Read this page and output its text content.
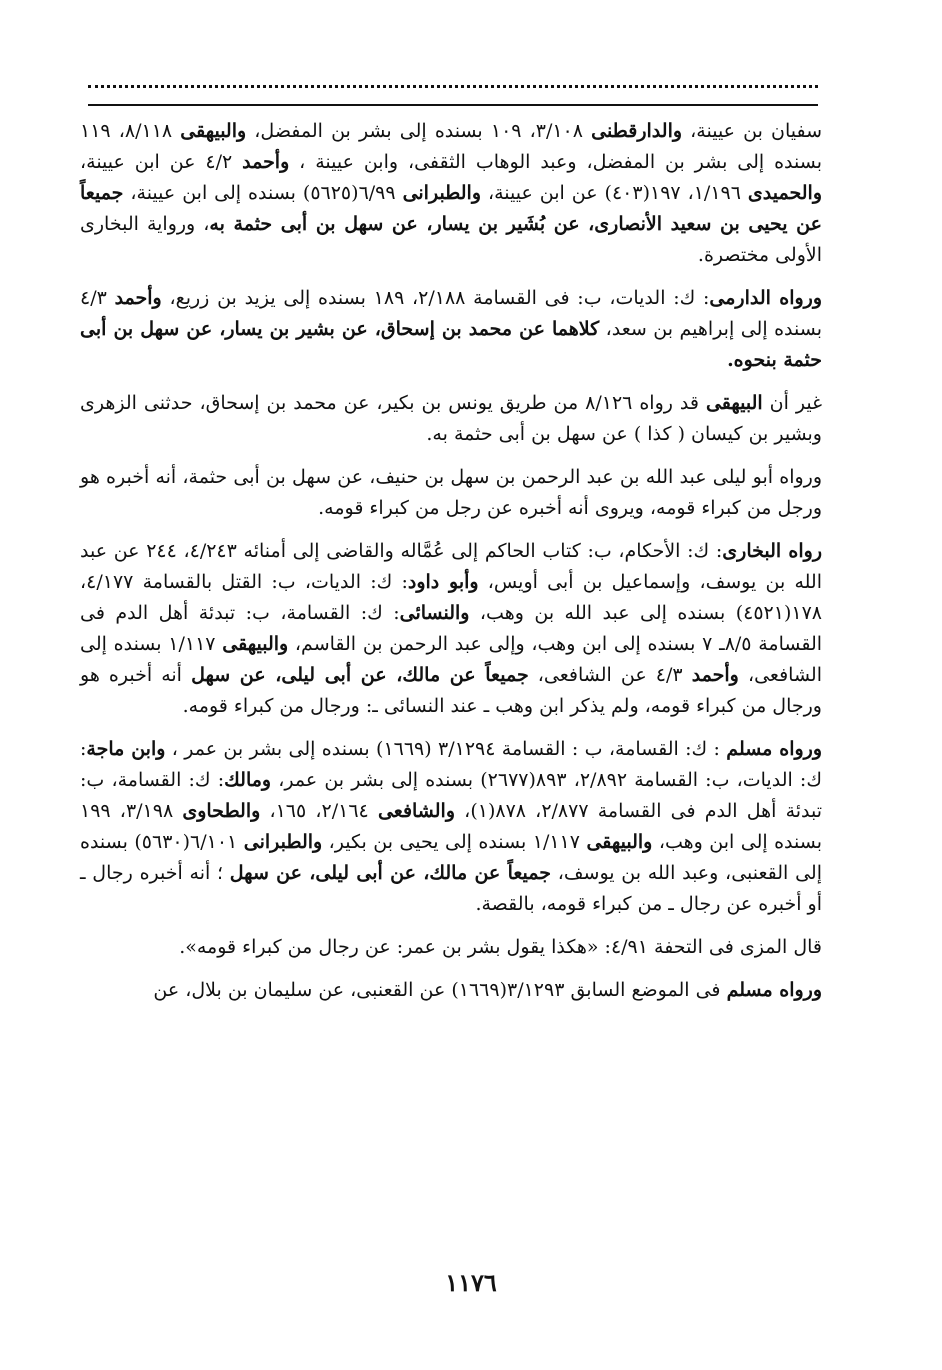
سفيان بن عيينة، والدارقطنى ٣/١٠٨، ١٠٩ بسنده إلى بشر بن المفضل، والبيهقى ٨/١١٨، ١١٩ بسنده إلى بشر بن المفضل، وعبد الوهاب الثقفى، وابن عيينة ، وأحمد ٤/٢ عن ابن عيينة، والحميدى ١/١٩٦، ١٩٧(٤٠٣) عن ابن عيينة، والطبرانى ٦/٩٩(٥٦٢٥) بسنده إلى ابن عيينة، جميعاً عن يحيى بن سعيد الأنصارى، عن بُشَير بن يسار، عن سهل بن أبى حثمة به، ورواية البخارى الأولى مختصرة.

ورواه الدارمى: ك: الديات، ب: فى القسامة ٢/١٨٨، ١٨٩ بسنده إلى يزيد بن زريع، وأحمد ٤/٣ بسنده إلى إبراهيم بن سعد، كلاهما عن محمد بن إسحاق، عن بشير بن يسار، عن سهل بن أبى حثمة بنحوه.

غير أن البيهقى قد رواه ٨/١٢٦ من طريق يونس بن بكير، عن محمد بن إسحاق، حدثنى الزهرى وبشير بن كيسان ( كذا ) عن سهل بن أبى حثمة به.

ورواه أبو ليلى عبد الله بن عبد الرحمن بن سهل بن حنيف، عن سهل بن أبى حثمة، أنه أخبره هو ورجل من كبراء قومه، ويروى أنه أخبره عن رجل من كبراء قومه.

رواه البخارى: ك: الأحكام، ب: كتاب الحاكم إلى عُمَّاله والقاضى إلى أمنائه ٤/٢٤٣، ٢٤٤ عن عبد الله بن يوسف، وإسماعيل بن أبى أويس، وأبو داود: ك: الديات، ب: القتل بالقسامة ٤/١٧٧، ١٧٨(٤٥٢١) بسنده إلى عبد الله بن وهب، والنسائى: ك: القسامة، ب: تبدئة أهل الدم فى القسامة ٨/٥ـ ٧ بسنده إلى ابن وهب، وإلى عبد الرحمن بن القاسم، والبيهقى ١/١١٧ بسنده إلى الشافعى، وأحمد ٤/٣ عن الشافعى، جميعاً عن مالك، عن أبى ليلى، عن سهل أنه أخبره هو ورجال من كبراء قومه، ولم يذكر ابن وهب ـ عند النسائى ـ: ورجال من كبراء قومه.

ورواه مسلم : ك: القسامة، ب : القسامة ٣/١٢٩٤ (١٦٦٩) بسنده إلى بشر بن عمر ، وابن ماجة: ك: الديات، ب: القسامة ٢/٨٩٢، ٨٩٣(٢٦٧٧) بسنده إلى بشر بن عمر، ومالك: ك: القسامة، ب: تبدئة أهل الدم فى القسامة ٢/٨٧٧، ٨٧٨(١)، والشافعى ٢/١٦٤، ١٦٥، والطحاوى ٣/١٩٨، ١٩٩ بسنده إلى ابن وهب، والبيهقى ١/١١٧ بسنده إلى يحيى بن بكير، والطبرانى ٦/١٠١(٥٦٣٠) بسنده إلى القعنبى، وعبد الله بن يوسف، جميعاً عن مالك، عن أبى ليلى، عن سهل ؛ أنه أخبره رجال ـ أو أخبره عن رجال ـ من كبراء قومه، بالقصة.

قال المزى فى التحفة ٤/٩١: «هكذا يقول بشر بن عمر: عن رجال من كبراء قومه».

ورواه مسلم فى الموضع السابق ٣/١٢٩٣(١٦٦٩) عن القعنبى، عن سليمان بن بلال، عن

١١٧٦
